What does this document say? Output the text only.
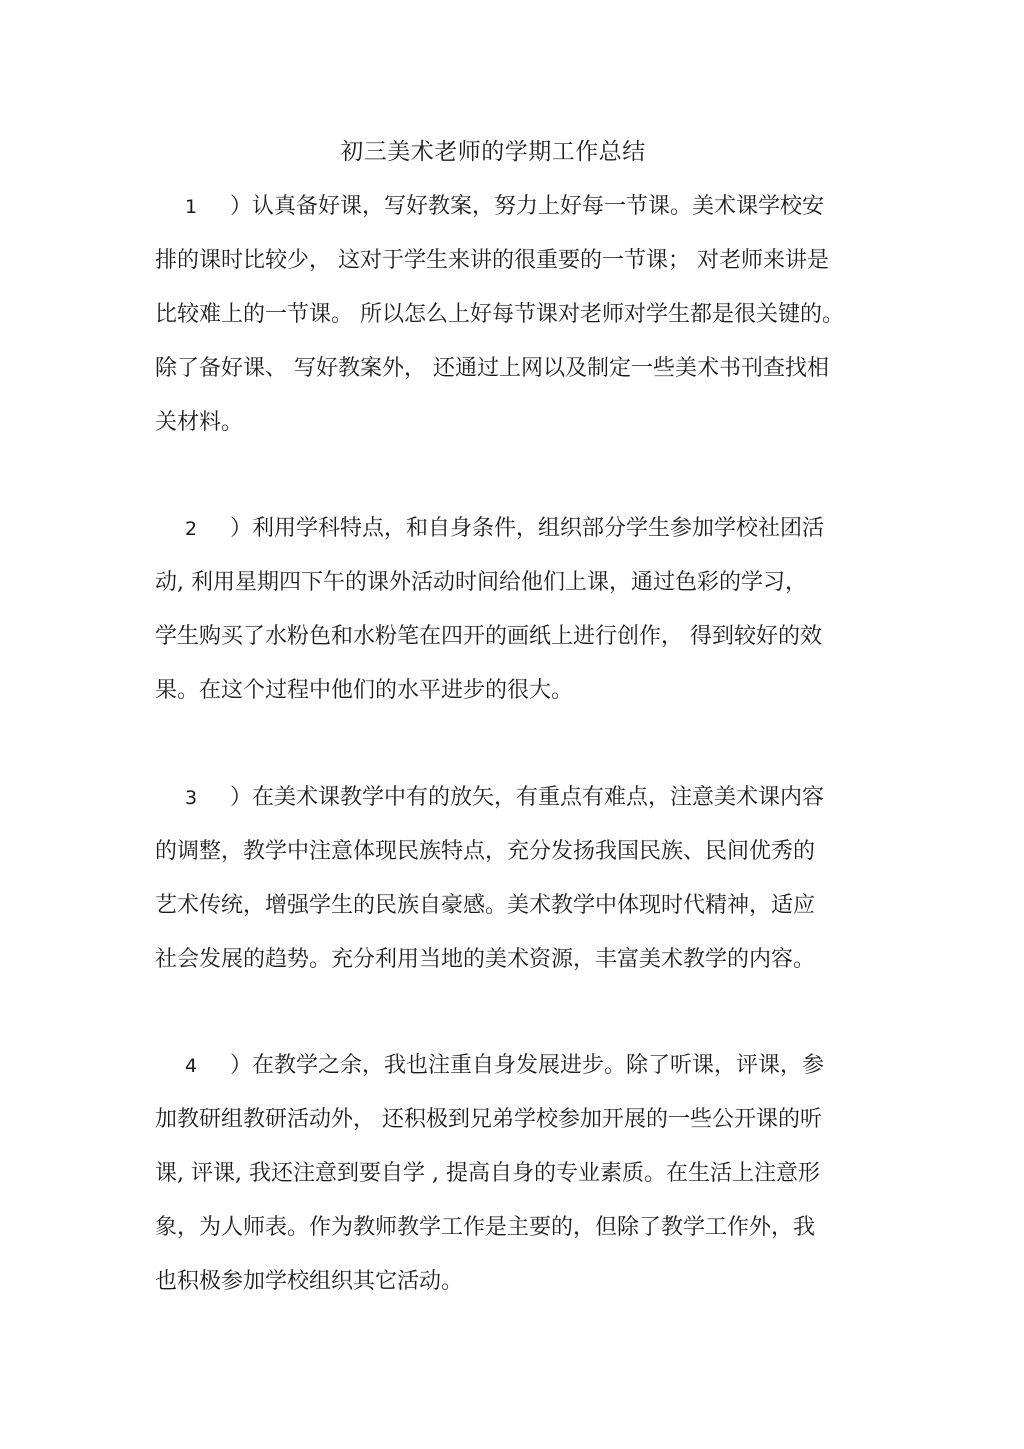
初三美术老师的学期工作总结
1 ）认真备好课，写好教案，努力上好每一节课。美术课学校安
排的课时比较少， 这对于学生来讲的很重要的一节课； 对老师来讲是
比较难上的一节课。 所以怎么上好每节课对老师对学生都是很关键的。
除了备好课、 写好教案外， 还通过上网以及制定一些美术书刊查找相
关材料。
2 ）利用学科特点，和自身条件，组织部分学生参加学校社团活
动, 利用星期四下午的课外活动时间给他们上课，通过色彩的学习，
学生购买了水粉色和水粉笔在四开的画纸上进行创作， 得到较好的效
果。在这个过程中他们的水平进步的很大。
3 ）在美术课教学中有的放矢，有重点有难点，注意美术课内容
的调整，教学中注意体现民族特点，充分发扬我国民族、民间优秀的
艺术传统，增强学生的民族自豪感。美术教学中体现时代精神，适应
社会发展的趋势。充分利用当地的美术资源，丰富美术教学的内容。
4 ）在教学之余，我也注重自身发展进步。除了听课，评课，参
加教研组教研活动外， 还积极到兄弟学校参加开展的一些公开课的听
课, 评课, 我还注意到要自学 , 提高自身的专业素质。在生活上注意形
象，为人师表。作为教师教学工作是主要的，但除了教学工作外，我
也积极参加学校组织其它活动。
